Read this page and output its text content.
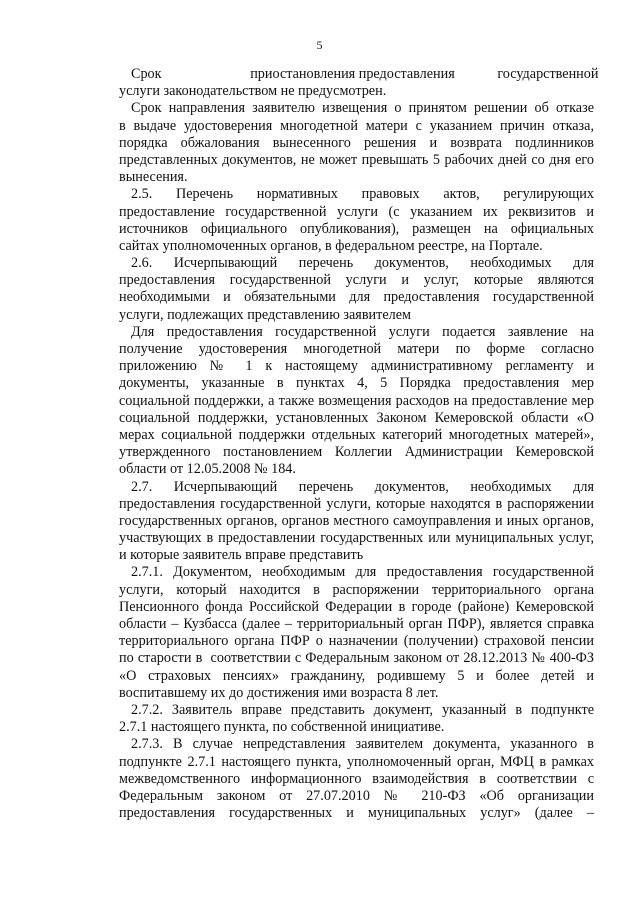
5
Срок                         приостановления предоставления            государственной
услуги законодательством не предусмотрен.
Срок направления заявителю извещения о принятом решении об отказе
в выдаче удостоверения многодетной матери с указанием причин отказа,
порядка обжалования вынесенного решения и возврата подлинников
представленных документов, не может превышать 5 рабочих дней со дня его
вынесения.
2.5. Перечень нормативных правовых актов, регулирующих
предоставление государственной услуги (с указанием их реквизитов и
источников официального опубликования), размещен на официальных
сайтах уполномоченных органов, в федеральном реестре, на Портале.
2.6. Исчерпывающий перечень документов, необходимых для
предоставления государственной услуги и услуг, которые являются
необходимыми и обязательными для предоставления государственной
услуги, подлежащих представлению заявителем
Для предоставления государственной услуги подается заявление на
получение удостоверения многодетной матери по форме согласно
приложению № 1 к настоящему административному регламенту и
документы, указанные в пунктах 4, 5 Порядка предоставления мер
социальной поддержки, а также возмещения расходов на предоставление мер
социальной поддержки, установленных Законом Кемеровской области «О
мерах социальной поддержки отдельных категорий многодетных матерей»,
утвержденного постановлением Коллегии Администрации Кемеровской
области от 12.05.2008 № 184.
2.7. Исчерпывающий перечень документов, необходимых для
предоставления государственной услуги, которые находятся в распоряжении
государственных органов, органов местного самоуправления и иных органов,
участвующих в предоставлении государственных или муниципальных услуг,
и которые заявитель вправе представить
2.7.1. Документом, необходимым для предоставления государственной
услуги, который находится в распоряжении территориального органа
Пенсионного фонда Российской Федерации в городе (районе) Кемеровской
области – Кузбасса (далее – территориальный орган ПФР), является справка
территориального органа ПФР о назначении (получении) страховой пенсии
по старости в  соответствии с Федеральным законом от 28.12.2013 № 400-ФЗ
«О страховых пенсиях» гражданину, родившему 5 и более детей и
воспитавшему их до достижения ими возраста 8 лет.
2.7.2. Заявитель вправе представить документ, указанный в подпункте
2.7.1 настоящего пункта, по собственной инициативе.
2.7.3. В случае непредставления заявителем документа, указанного в
подпункте 2.7.1 настоящего пункта, уполномоченный орган, МФЦ в рамках
межведомственного информационного взаимодействия в соответствии с
Федеральным законом от 27.07.2010 № 210-ФЗ «Об организации
предоставления государственных и муниципальных услуг» (далее –
